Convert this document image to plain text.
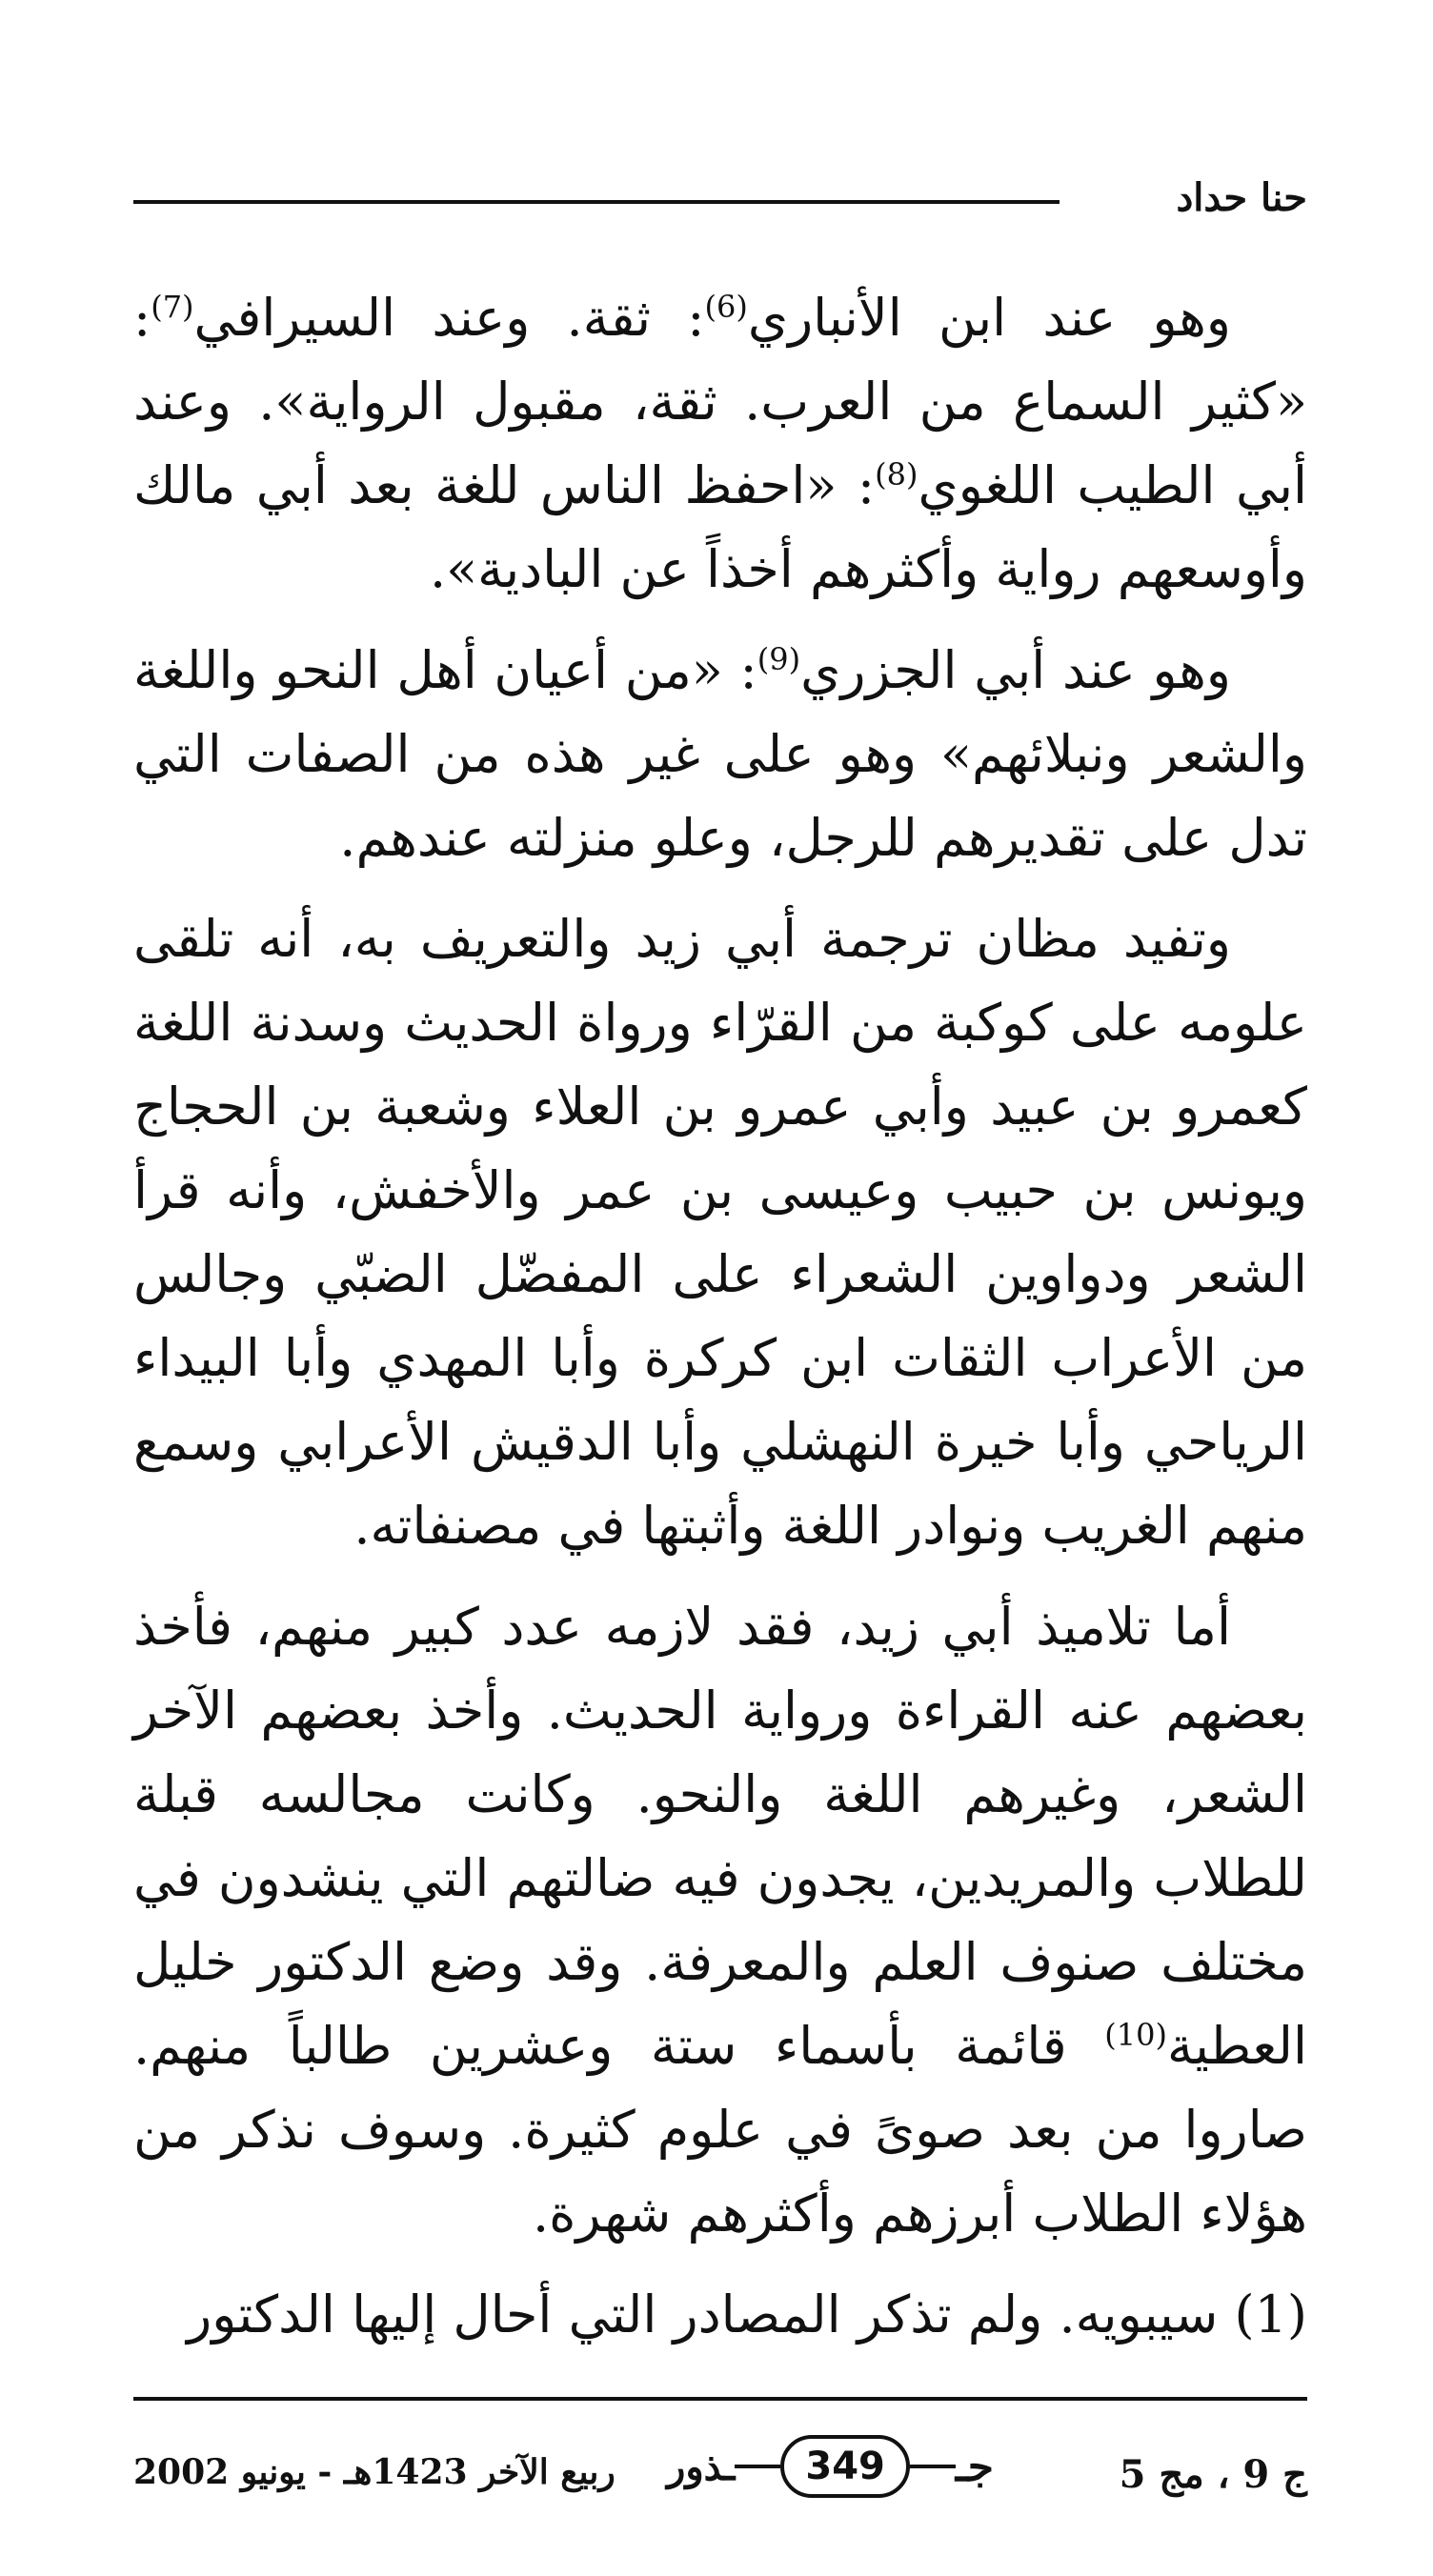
حنا حداد

وهو عند ابن الأنباري$^{(6)}$: ثقة. وعند السيرافي$^{(7)}$: «كثير السماع من العرب. ثقة، مقبول الرواية». وعند أبي الطيب اللغوي$^{(8)}$: «احفظ الناس للغة بعد أبي مالك وأوسعهم رواية وأكثرهم أخذاً عن البادية».

وهو عند أبي الجزري$^{(9)}$: «من أعيان أهل النحو واللغة والشعر ونبلائهم» وهو على غير هذه من الصفات التي تدل على تقديرهم للرجل، وعلو منزلته عندهم.

وتفيد مظان ترجمة أبي زيد والتعريف به، أنه تلقى علومه على كوكبة من القرّاء ورواة الحديث وسدنة اللغة كعمرو بن عبيد وأبي عمرو بن العلاء وشعبة بن الحجاج ويونس بن حبيب وعيسى بن عمر والأخفش، وأنه قرأ الشعر ودواوين الشعراء على المفضّل الضبّي وجالس من الأعراب الثقات ابن كركرة وأبا المهدي وأبا البيداء الرياحي وأبا خيرة النهشلي وأبا الدقيش الأعرابي وسمع منهم الغريب ونوادر اللغة وأثبتها في مصنفاته.

أما تلاميذ أبي زيد، فقد لازمه عدد كبير منهم، فأخذ بعضهم عنه القراءة ورواية الحديث. وأخذ بعضهم الآخر الشعر، وغيرهم اللغة والنحو. وكانت مجالسه قبلة للطلاب والمريدين، يجدون فيه ضالتهم التي ينشدون في مختلف صنوف العلم والمعرفة. وقد وضع الدكتور خليل العطية$^{(10)}$ قائمة بأسماء ستة وعشرين طالباً منهم. صاروا من بعد صوىً في علوم كثيرة. وسوف نذكر من هؤلاء الطلاب أبرزهم وأكثرهم شهرة.

(1) سيبويه. ولم تذكر المصادر التي أحال إليها الدكتور

ربيع الآخر 1423هـ - يونيو 2002	جـ
349
ـذور	ج 9 ، مج 5
